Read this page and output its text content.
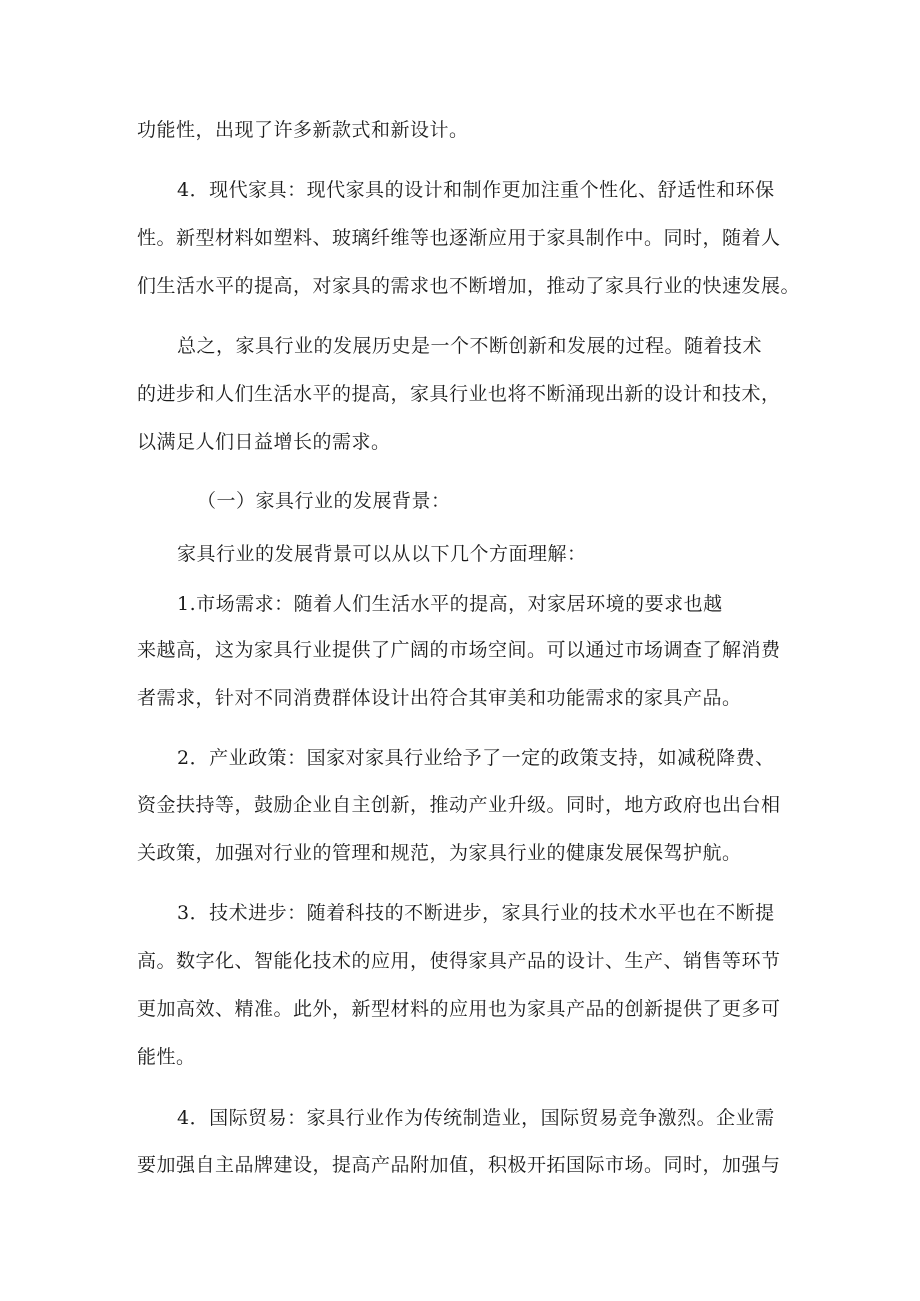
功能性，出现了许多新款式和新设计。
4．现代家具：现代家具的设计和制作更加注重个性化、舒适性和环保
性。新型材料如塑料、玻璃纤维等也逐渐应用于家具制作中。同时，随着人
们生活水平的提高，对家具的需求也不断增加，推动了家具行业的快速发展。
总之，家具行业的发展历史是一个不断创新和发展的过程。随着技术
的进步和人们生活水平的提高，家具行业也将不断涌现出新的设计和技术，
以满足人们日益增长的需求。
（一）家具行业的发展背景：
家具行业的发展背景可以从以下几个方面理解：
1.市场需求：随着人们生活水平的提高，对家居环境的要求也越
来越高，这为家具行业提供了广阔的市场空间。可以通过市场调查了解消费
者需求，针对不同消费群体设计出符合其审美和功能需求的家具产品。
2．产业政策：国家对家具行业给予了一定的政策支持，如减税降费、
资金扶持等，鼓励企业自主创新，推动产业升级。同时，地方政府也出台相
关政策，加强对行业的管理和规范，为家具行业的健康发展保驾护航。
3．技术进步：随着科技的不断进步，家具行业的技术水平也在不断提
高。数字化、智能化技术的应用，使得家具产品的设计、生产、销售等环节
更加高效、精准。此外，新型材料的应用也为家具产品的创新提供了更多可
能性。
4．国际贸易：家具行业作为传统制造业，国际贸易竞争激烈。企业需
要加强自主品牌建设，提高产品附加值，积极开拓国际市场。同时，加强与
